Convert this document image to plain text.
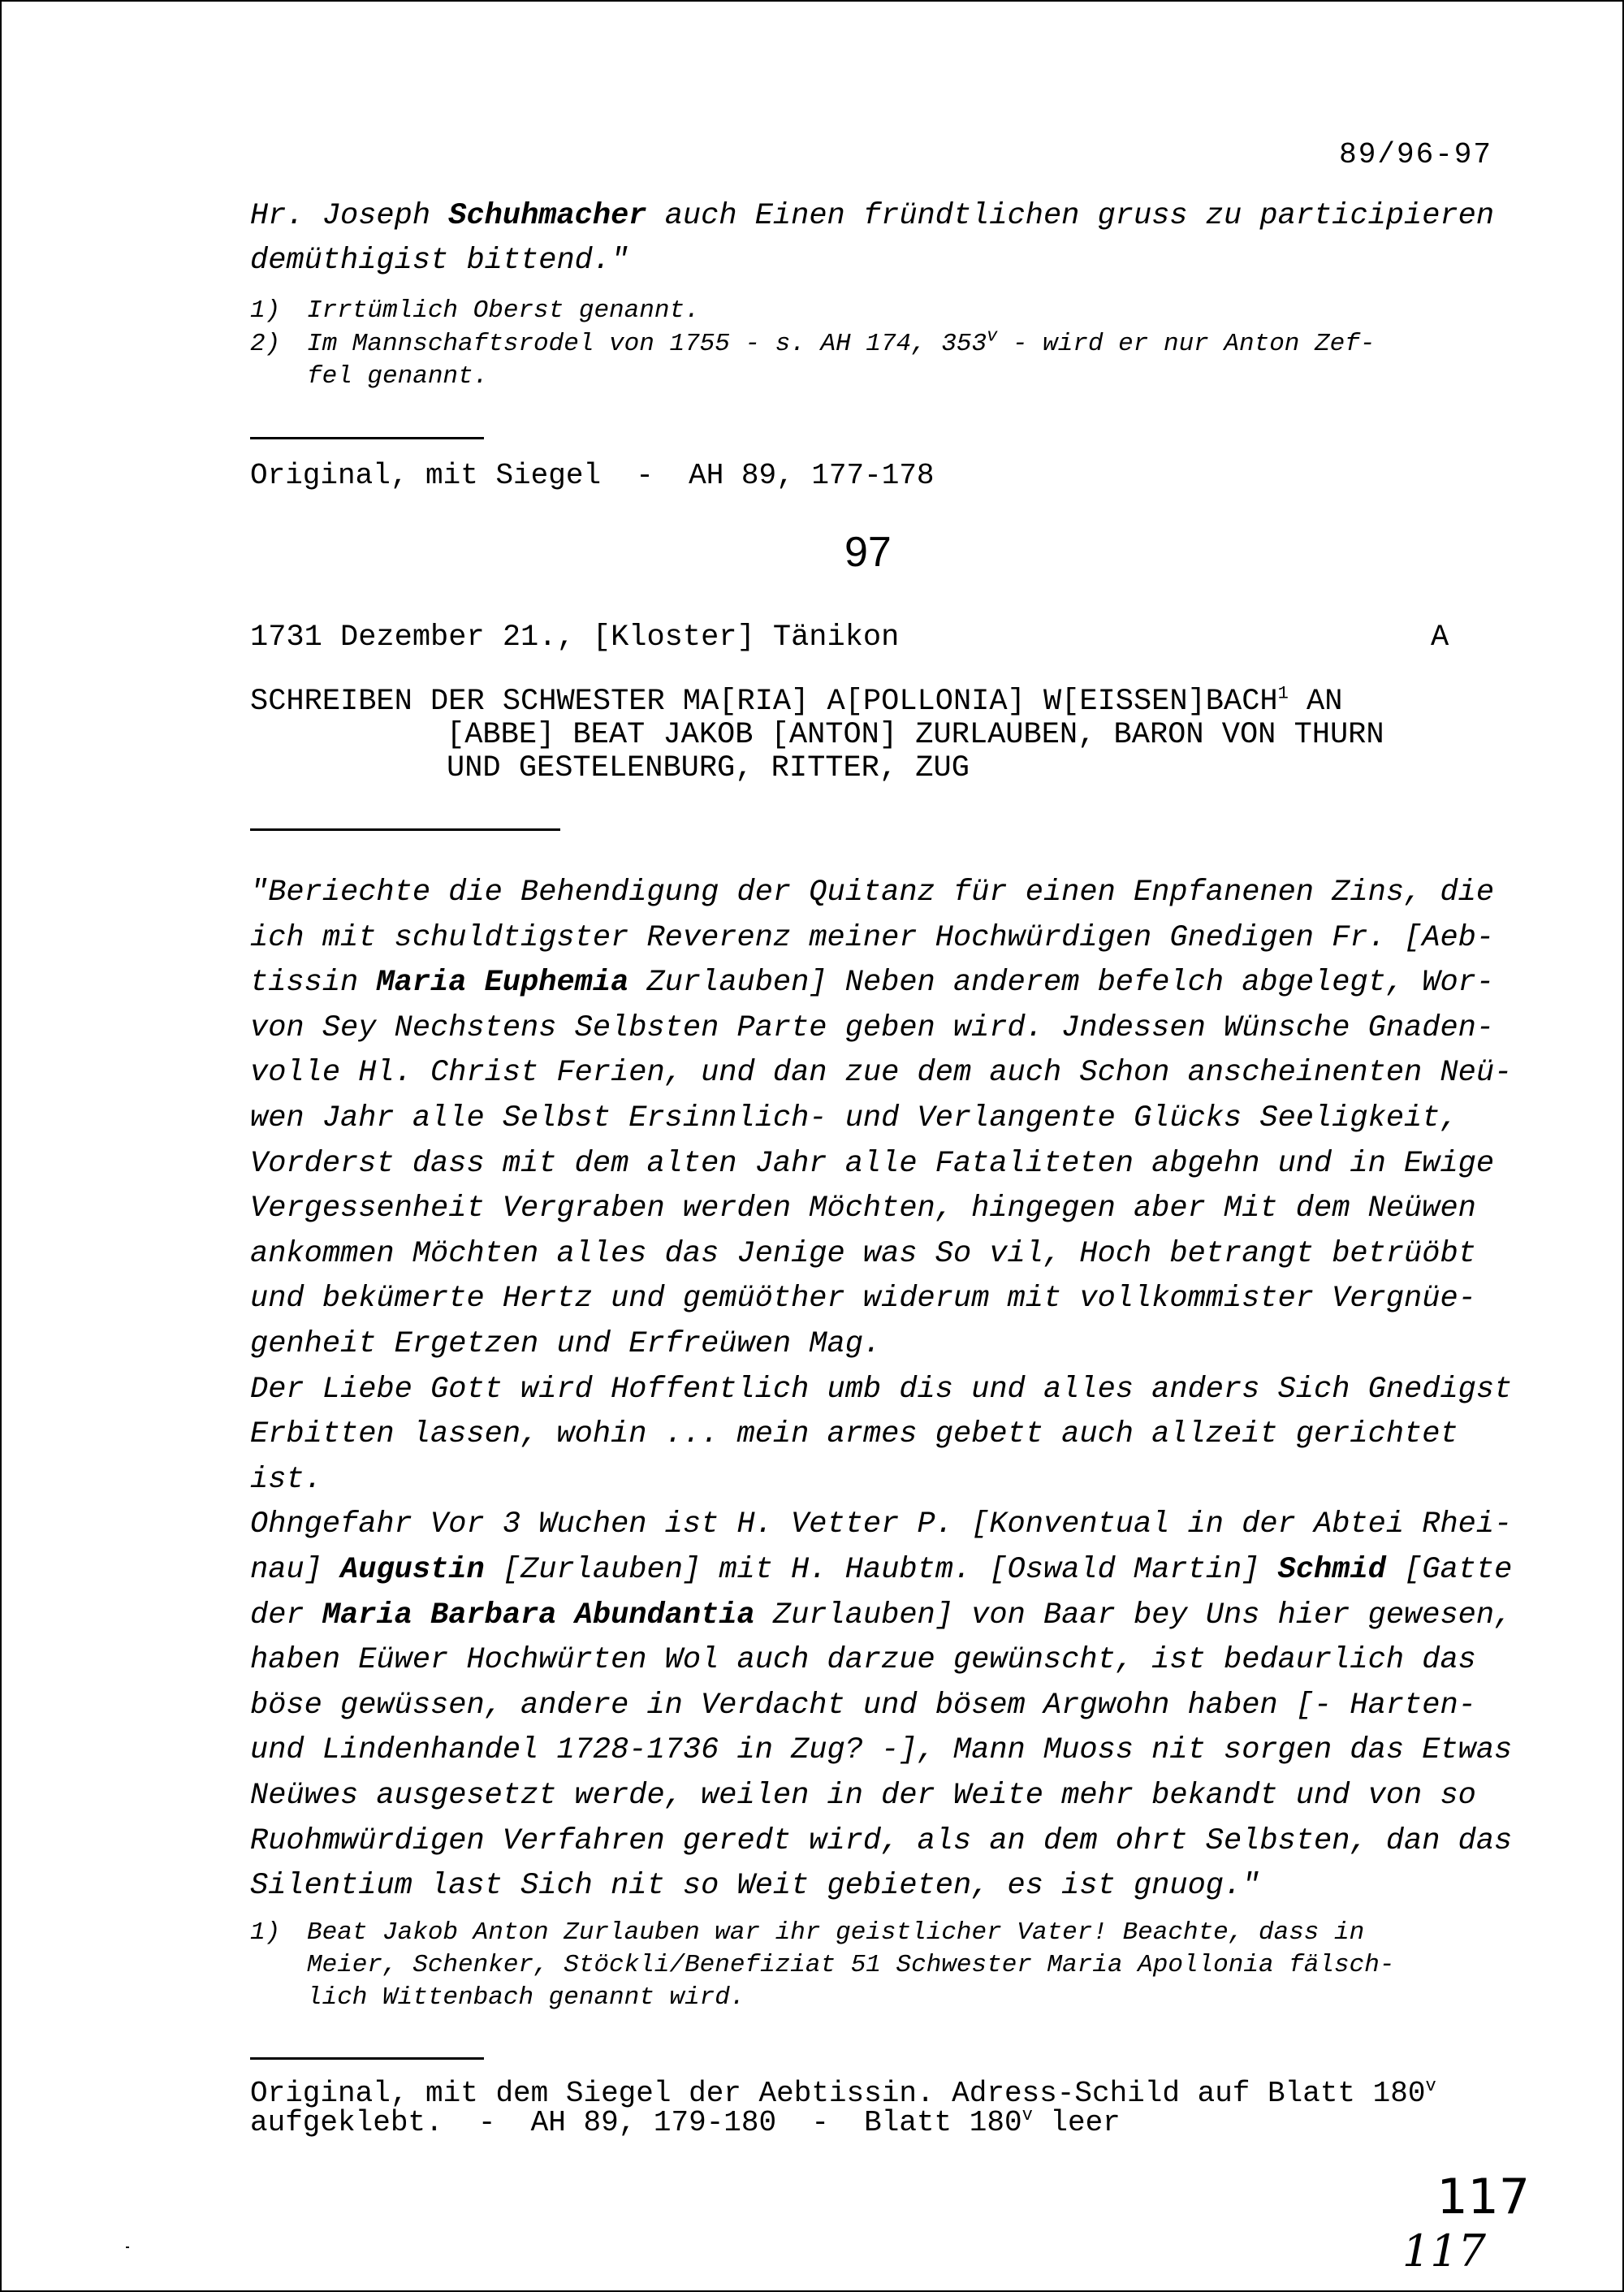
89/96-97
Hr. Joseph Schuhmacher auch Einen fründtlichen gruss zu participieren
demüthigist bittend."
1) Irrtümlich Oberst genannt.
2) Im Mannschaftsrodel von 1755 - s. AH 174, 353$^v$ - wird er nur Anton Zef-
fel genannt.
Original, mit Siegel  -  AH 89, 177-178
97
1731 Dezember 21., [Kloster] Tänikon	A
SCHREIBEN DER SCHWESTER MA[RIA] A[POLLONIA] W[EISSEN]BACH$^1$ AN
[ABBE] BEAT JAKOB [ANTON] ZURLAUBEN, BARON VON THURN
UND GESTELENBURG, RITTER, ZUG
"Beriechte die Behendigung der Quitanz für einen Enpfanenen Zins, die
ich mit schuldtigster Reverenz meiner Hochwürdigen Gnedigen Fr. [Aeb-
tissin Maria Euphemia Zurlauben] Neben anderem befelch abgelegt, Wor-
von Sey Nechstens Selbsten Parte geben wird. Jndessen Wünsche Gnaden-
volle Hl. Christ Ferien, und dan zue dem auch Schon anscheinenten Neü-
wen Jahr alle Selbst Ersinnlich- und Verlangente Glücks Seeligkeit,
Vorderst dass mit dem alten Jahr alle Fataliteten abgehn und in Ewige
Vergessenheit Vergraben werden Möchten, hingegen aber Mit dem Neüwen
ankommen Möchten alles das Jenige was So vil, Hoch betrangt betrüöbt
und bekümerte Hertz und gemüöther widerum mit vollkommister Vergnüe-
genheit Ergetzen und Erfreüwen Mag.
Der Liebe Gott wird Hoffentlich umb dis und alles anders Sich Gnedigst
Erbitten lassen, wohin ... mein armes gebett auch allzeit gerichtet
ist.
Ohngefahr Vor 3 Wuchen ist H. Vetter P. [Konventual in der Abtei Rhei-
nau] Augustin [Zurlauben] mit H. Haubtm. [Oswald Martin] Schmid [Gatte
der Maria Barbara Abundantia Zurlauben] von Baar bey Uns hier gewesen,
haben Eüwer Hochwürten Wol auch darzue gewünscht, ist bedaurlich das
böse gewüssen, andere in Verdacht und bösem Argwohn haben [- Harten-
und Lindenhandel 1728-1736 in Zug? -], Mann Muoss nit sorgen das Etwas
Neüwes ausgesetzt werde, weilen in der Weite mehr bekandt und von so
Ruohmwürdigen Verfahren geredt wird, als an dem ohrt Selbsten, dan das
Silentium last Sich nit so Weit gebieten, es ist gnuog."
1) Beat Jakob Anton Zurlauben war ihr geistlicher Vater! Beachte, dass in
Meier, Schenker, Stöckli/Benefiziat 51 Schwester Maria Apollonia fälsch-
lich Wittenbach genannt wird.
Original, mit dem Siegel der Aebtissin. Adress-Schild auf Blatt 180$^v$
aufgeklebt.  -  AH 89, 179-180  -  Blatt 180$^v$ leer
117
117
